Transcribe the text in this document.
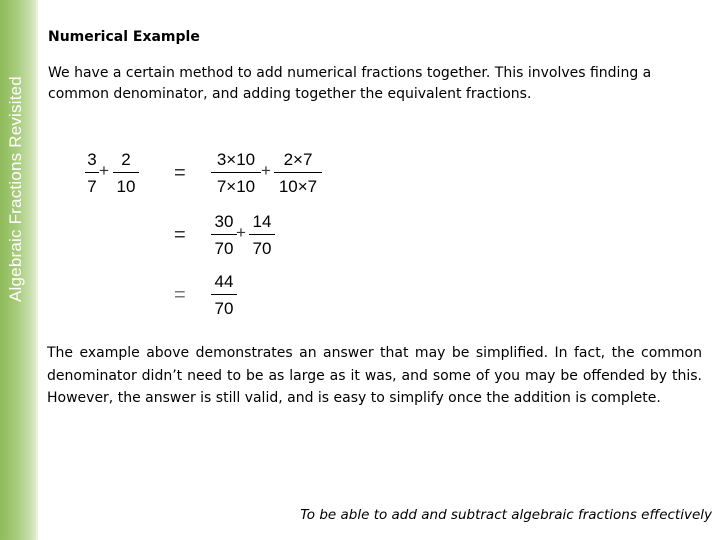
Algebraic Fractions Revisited
Numerical Example
We have a certain method to add numerical fractions together. This involves finding a common denominator, and adding together the equivalent fractions.
3
7
+
2
10
=
3×10
7×10
+
2×7
10×7
=
30
70
+
14
70
=
44
70
The example above demonstrates an answer that may be simplified. In fact, the common denominator didn’t need to be as large as it was, and some of you may be offended by this. However, the answer is still valid, and is easy to simplify once the addition is complete.
To be able to add and subtract algebraic fractions effectively
